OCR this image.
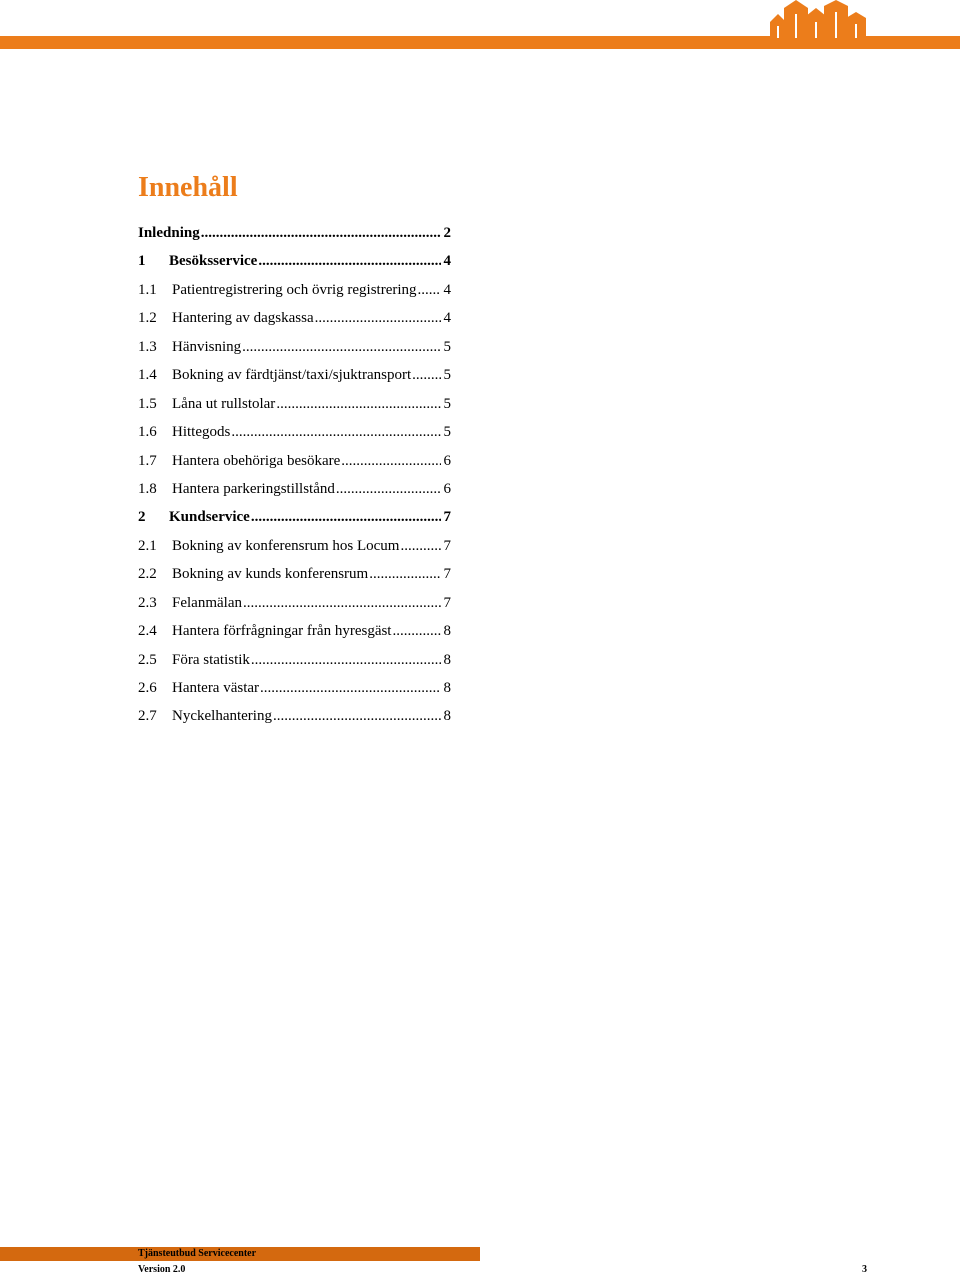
Innehåll
Inledning .....	2
1	Besöksservice .....	4
1.1	Patientregistrering och övrig registrering ..... 4
1.2	Hantering av dagskassa .....	4
1.3	Hänvisning .....	5
1.4	Bokning av färdtjänst/taxi/sjuktransport ..... 5
1.5	Låna ut rullstolar .....	5
1.6	Hittegods .....	5
1.7	Hantera obehöriga besökare .....	6
1.8	Hantera parkeringstillstånd .....	6
2	Kundservice .....	7
2.1	Bokning av konferensrum hos Locum .....	7
2.2	Bokning av kunds konferensrum .....	7
2.3	Felanmälan .....	7
2.4	Hantera förfrågningar från hyresgäst .....	8
2.5	Föra statistik .....	8
2.6	Hantera västar .....	8
2.7	Nyckelhantering .....	8
Tjänsteutbud Servicecenter
Version 2.0	3
